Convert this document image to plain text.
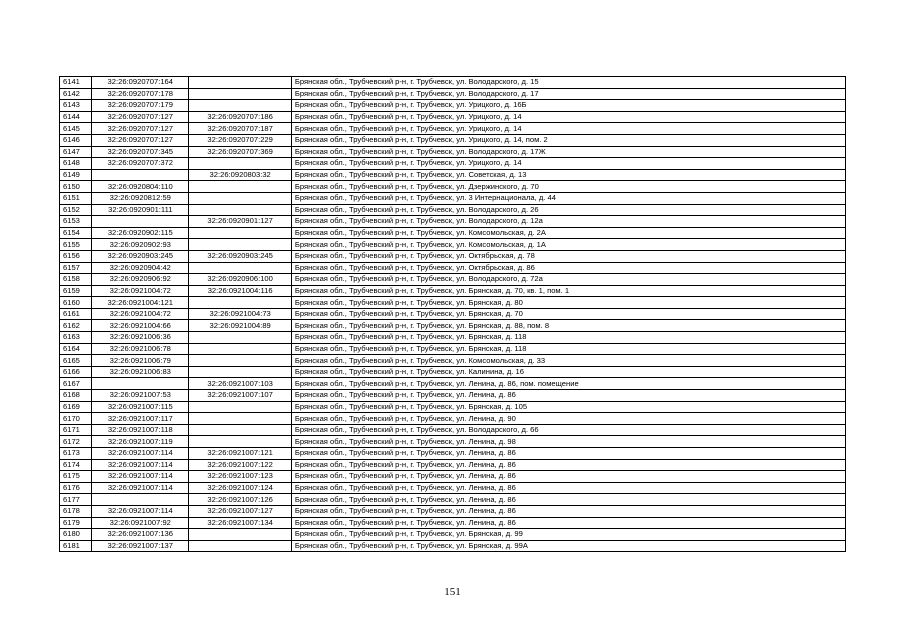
6141	32:26:0920707:164		Брянская обл., Трубчевский р-н, г. Трубчевск, ул. Володарского, д. 15
6142	32:26:0920707:178		Брянская обл., Трубчевский р-н, г. Трубчевск, ул. Володарского, д. 17
6143	32:26:0920707:179		Брянская обл., Трубчевский р-н, г. Трубчевск, ул. Урицкого, д. 16Б
6144	32:26:0920707:127	32:26:0920707:186	Брянская обл., Трубчевский р-н, г. Трубчевск, ул. Урицкого, д. 14
6145	32:26:0920707:127	32:26:0920707:187	Брянская обл., Трубчевский р-н, г. Трубчевск, ул. Урицкого, д. 14
6146	32:26:0920707:127	32:26:0920707:229	Брянская обл., Трубчевский р-н, г. Трубчевск, ул. Урицкого, д. 14, пом. 2
6147	32:26:0920707:345	32:26:0920707:369	Брянская обл., Трубчевский р-н, г. Трубчевск, ул. Володарского, д. 17Ж
6148	32:26:0920707:372		Брянская обл., Трубчевский р-н, г. Трубчевск, ул. Урицкого, д. 14
6149		32:26:0920803:32	Брянская обл., Трубчевский р-н, г. Трубчевск, ул. Советская, д. 13
6150	32:26:0920804:110		Брянская обл., Трубчевский р-н, г. Трубчевск, ул. Дзержинского, д. 70
6151	32:26:0920812:59		Брянская обл., Трубчевский р-н, г. Трубчевск, ул. 3 Интернационала, д. 44
6152	32:26:0920901:111		Брянская обл., Трубчевский р-н, г. Трубчевск, ул. Володарского, д. 26
6153		32:26:0920901:127	Брянская обл., Трубчевский р-н, г. Трубчевск, ул. Володарского, д. 12а
6154	32:26:0920902:115		Брянская обл., Трубчевский р-н, г. Трубчевск, ул. Комсомольская, д. 2А
6155	32:26:0920902:93		Брянская обл., Трубчевский р-н, г. Трубчевск, ул. Комсомольская, д. 1А
6156	32:26:0920903:245	32:26:0920903:245	Брянская обл., Трубчевский р-н, г. Трубчевск, ул. Октябрьская, д. 78
6157	32:26:0920904:42		Брянская обл., Трубчевский р-н, г. Трубчевск, ул. Октябрьская, д. 86
6158	32:26:0920906:92	32:26:0920906:100	Брянская обл., Трубчевский р-н, г. Трубчевск, ул. Володарского, д. 72а
6159	32:26:0921004:72	32:26:0921004:116	Брянская обл., Трубчевский р-н, г. Трубчевск, ул. Брянская, д. 70, кв. 1, пом. 1
6160	32:26:0921004:121		Брянская обл., Трубчевский р-н, г. Трубчевск, ул. Брянская, д. 80
6161	32:26:0921004:72	32:26:0921004:73	Брянская обл., Трубчевский р-н, г. Трубчевск, ул. Брянская, д. 70
6162	32:26:0921004:66	32:26:0921004:89	Брянская обл., Трубчевский р-н, г. Трубчевск, ул. Брянская, д. 88, пом. 8
6163	32:26:0921006:36		Брянская обл., Трубчевский р-н, г. Трубчевск, ул. Брянская, д. 118
6164	32:26:0921006:78		Брянская обл., Трубчевский р-н, г. Трубчевск, ул. Брянская, д. 118
6165	32:26:0921006:79		Брянская обл., Трубчевский р-н, г. Трубчевск, ул. Комсомольская, д. 33
6166	32:26:0921006:83		Брянская обл., Трубчевский р-н, г. Трубчевск, ул. Калинина, д. 16
6167		32:26:0921007:103	Брянская обл., Трубчевский р-н, г. Трубчевск, ул. Ленина, д. 86, пом. помещение
6168	32:26:0921007:53	32:26:0921007:107	Брянская обл., Трубчевский р-н, г. Трубчевск, ул. Ленина, д. 86
6169	32:26:0921007:115		Брянская обл., Трубчевский р-н, г. Трубчевск, ул. Брянская, д. 105
6170	32:26:0921007:117		Брянская обл., Трубчевский р-н, г. Трубчевск, ул. Ленина, д. 90
6171	32:26:0921007:118		Брянская обл., Трубчевский р-н, г. Трубчевск, ул. Володарского, д. 66
6172	32:26:0921007:119		Брянская обл., Трубчевский р-н, г. Трубчевск, ул. Ленина, д. 98
6173	32:26:0921007:114	32:26:0921007:121	Брянская обл., Трубчевский р-н, г. Трубчевск, ул. Ленина, д. 86
6174	32:26:0921007:114	32:26:0921007:122	Брянская обл., Трубчевский р-н, г. Трубчевск, ул. Ленина, д. 86
6175	32:26:0921007:114	32:26:0921007:123	Брянская обл., Трубчевский р-н, г. Трубчевск, ул. Ленина, д. 86
6176	32:26:0921007:114	32:26:0921007:124	Брянская обл., Трубчевский р-н, г. Трубчевск, ул. Ленина, д. 86
6177		32:26:0921007:126	Брянская обл., Трубчевский р-н, г. Трубчевск, ул. Ленина, д. 86
6178	32:26:0921007:114	32:26:0921007:127	Брянская обл., Трубчевский р-н, г. Трубчевск, ул. Ленина, д. 86
6179	32:26:0921007:92	32:26:0921007:134	Брянская обл., Трубчевский р-н, г. Трубчевск, ул. Ленина, д. 86
6180	32:26:0921007:136		Брянская обл., Трубчевский р-н, г. Трубчевск, ул. Брянская, д. 99
6181	32:26:0921007:137		Брянская обл., Трубчевский р-н, г. Трубчевск, ул. Брянская, д. 99А
151
